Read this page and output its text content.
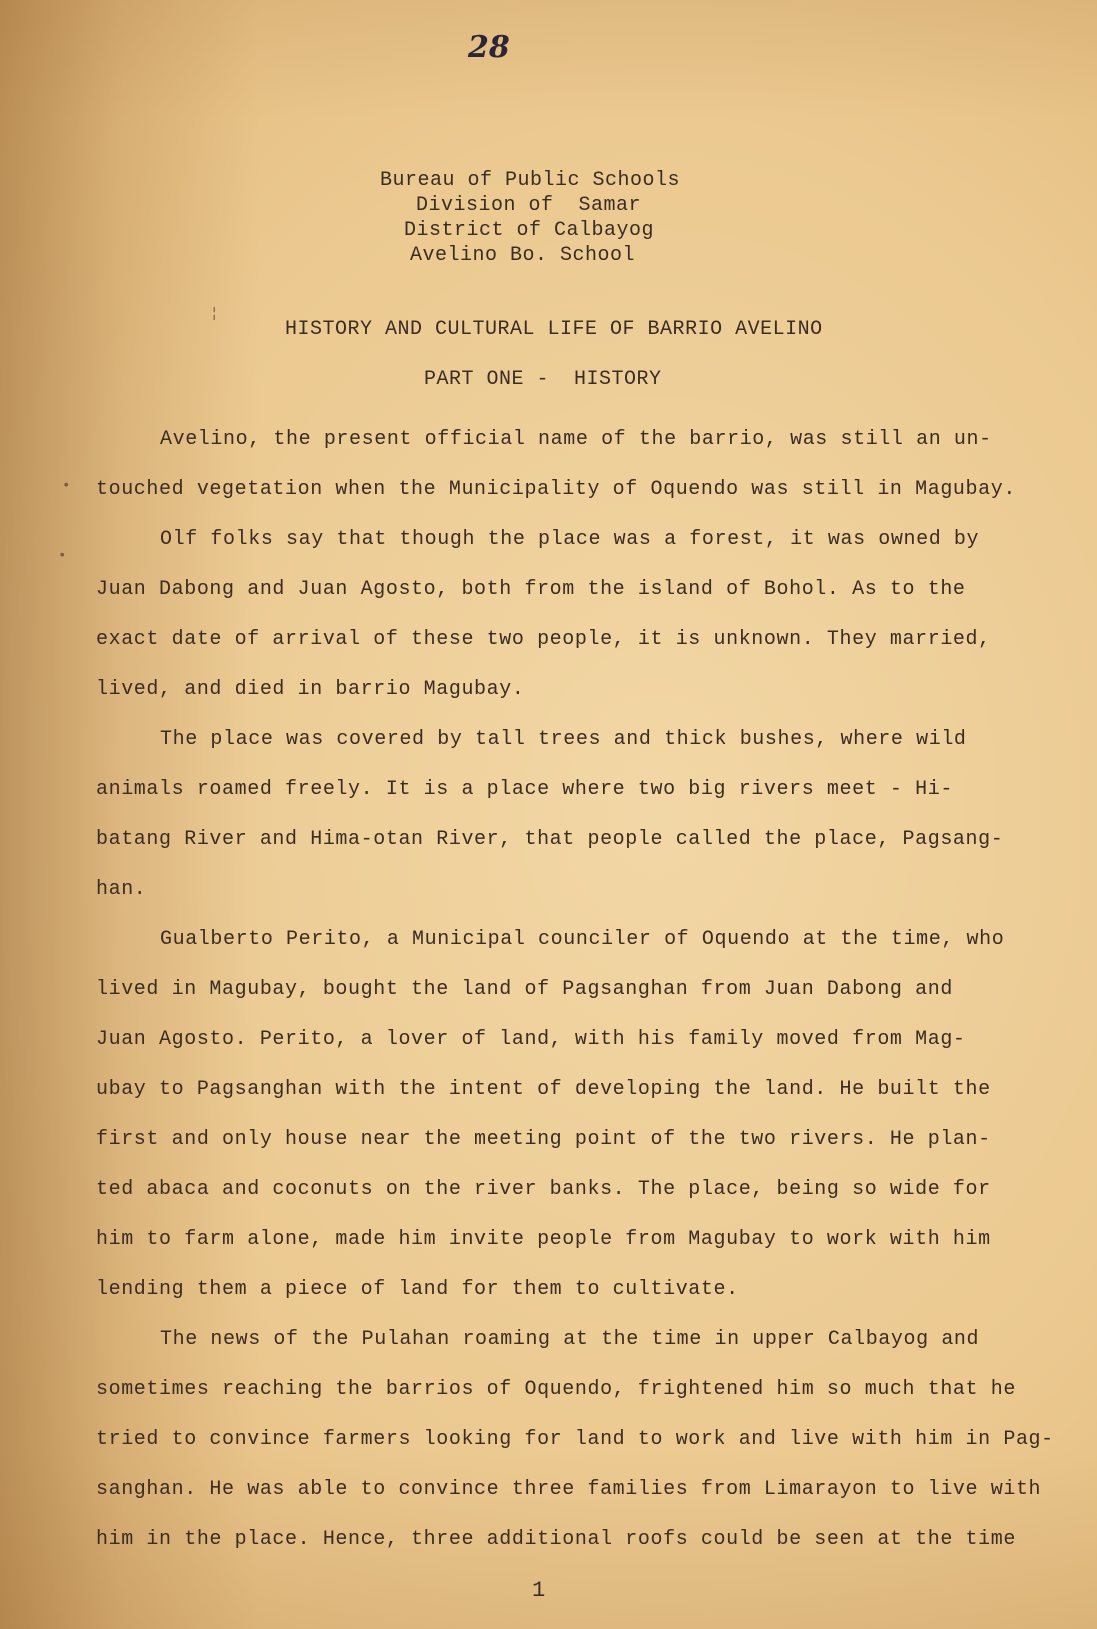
28
Bureau of Public Schools
Division of  Samar
District of Calbayog
Avelino Bo. School
HISTORY AND CULTURAL LIFE OF BARRIO AVELINO
PART ONE -  HISTORY
Avelino, the present official name of the barrio, was still an un-
touched vegetation when the Municipality of Oquendo was still in Magubay.
Olf folks say that though the place was a forest, it was owned by
Juan Dabong and Juan Agosto, both from the island of Bohol. As to the
exact date of arrival of these two people, it is unknown. They married,
lived, and died in barrio Magubay.
The place was covered by tall trees and thick bushes, where wild
animals roamed freely. It is a place where two big rivers meet - Hi-
batang River and Hima-otan River, that people called the place, Pagsang-
han.
Gualberto Perito, a Municipal counciler of Oquendo at the time, who
lived in Magubay, bought the land of Pagsanghan from Juan Dabong and
Juan Agosto. Perito, a lover of land, with his family moved from Mag-
ubay to Pagsanghan with the intent of developing the land. He built the
first and only house near the meeting point of the two rivers. He plan-
ted abaca and coconuts on the river banks. The place, being so wide for
him to farm alone, made him invite people from Magubay to work with him
lending them a piece of land for them to cultivate.
The news of the Pulahan roaming at the time in upper Calbayog and
sometimes reaching the barrios of Oquendo, frightened him so much that he
tried to convince farmers looking for land to work and live with him in Pag-
sanghan. He was able to convince three families from Limarayon to live with
him in the place. Hence, three additional roofs could be seen at the time
1
•
•
¦
